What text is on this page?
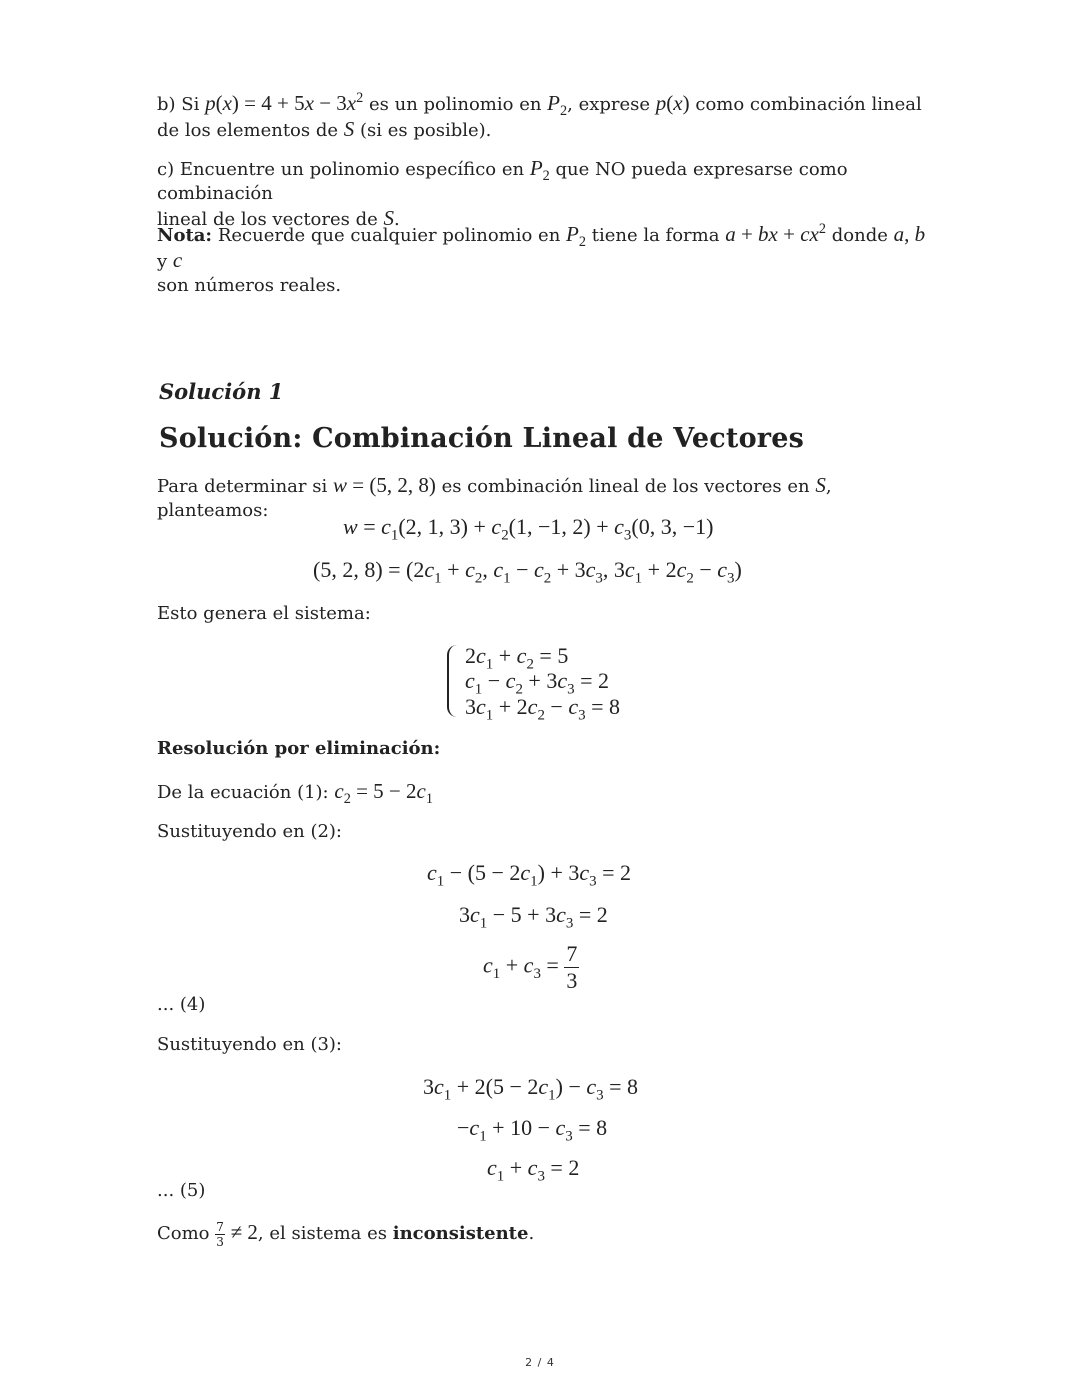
b) Si $p(x) = 4 + 5x - 3x^2$ es un polinomio en $P_2$, exprese p(x) como combinación lineal
de los elementos de S (si es posible).
c) Encuentre un polinomio específico en $P_2$ que NO pueda expresarse como combinación
lineal de los vectores de S.
Nota: Recuerde que cualquier polinomio en $P_2$ tiene la forma a + bx + $cx^2$ donde a, b y c
son números reales.
Solución 1
Solución: Combinación Lineal de Vectores
Para determinar si w = (5, 2, 8) es combinación lineal de los vectores en S, planteamos:
$w = c_1(2$, 1, $3) + c_2(1$, −1, $2) + c_3(0$, 3, −1)
(5, 2, $8) = (2c_1 + c_2$, $c_1 - c_2 + 3c_3$, $3c_1 + 2c_2 - c_3$)
Esto genera el sistema:
$2c_1 + c_2 = 5$
$c_1 - c_2 + 3c_3 = 2$
$3c_1 + 2c_2 - c_3 = 8$
Resolución por eliminación:
De la ecuación (1): $c_2 = 5 - 2c_1$
Sustituyendo en (2):
$c_1 - (5 - 2c_1) + 3c_3 = 2$
$3c_1 - 5 + 3c_3 = 2$
$c_1 + c_3 = \frac{7}{3}$
... (4)
Sustituyendo en (3):
$3c_1 + 2(5 - 2c_1) - c_3 = 8$
$-c_1 + 10 - c_3 = 8$
$c_1 + c_3 = 2$
... (5)
Como $\frac{7}{3} \ne 2$, el sistema es inconsistente.
2 / 4
